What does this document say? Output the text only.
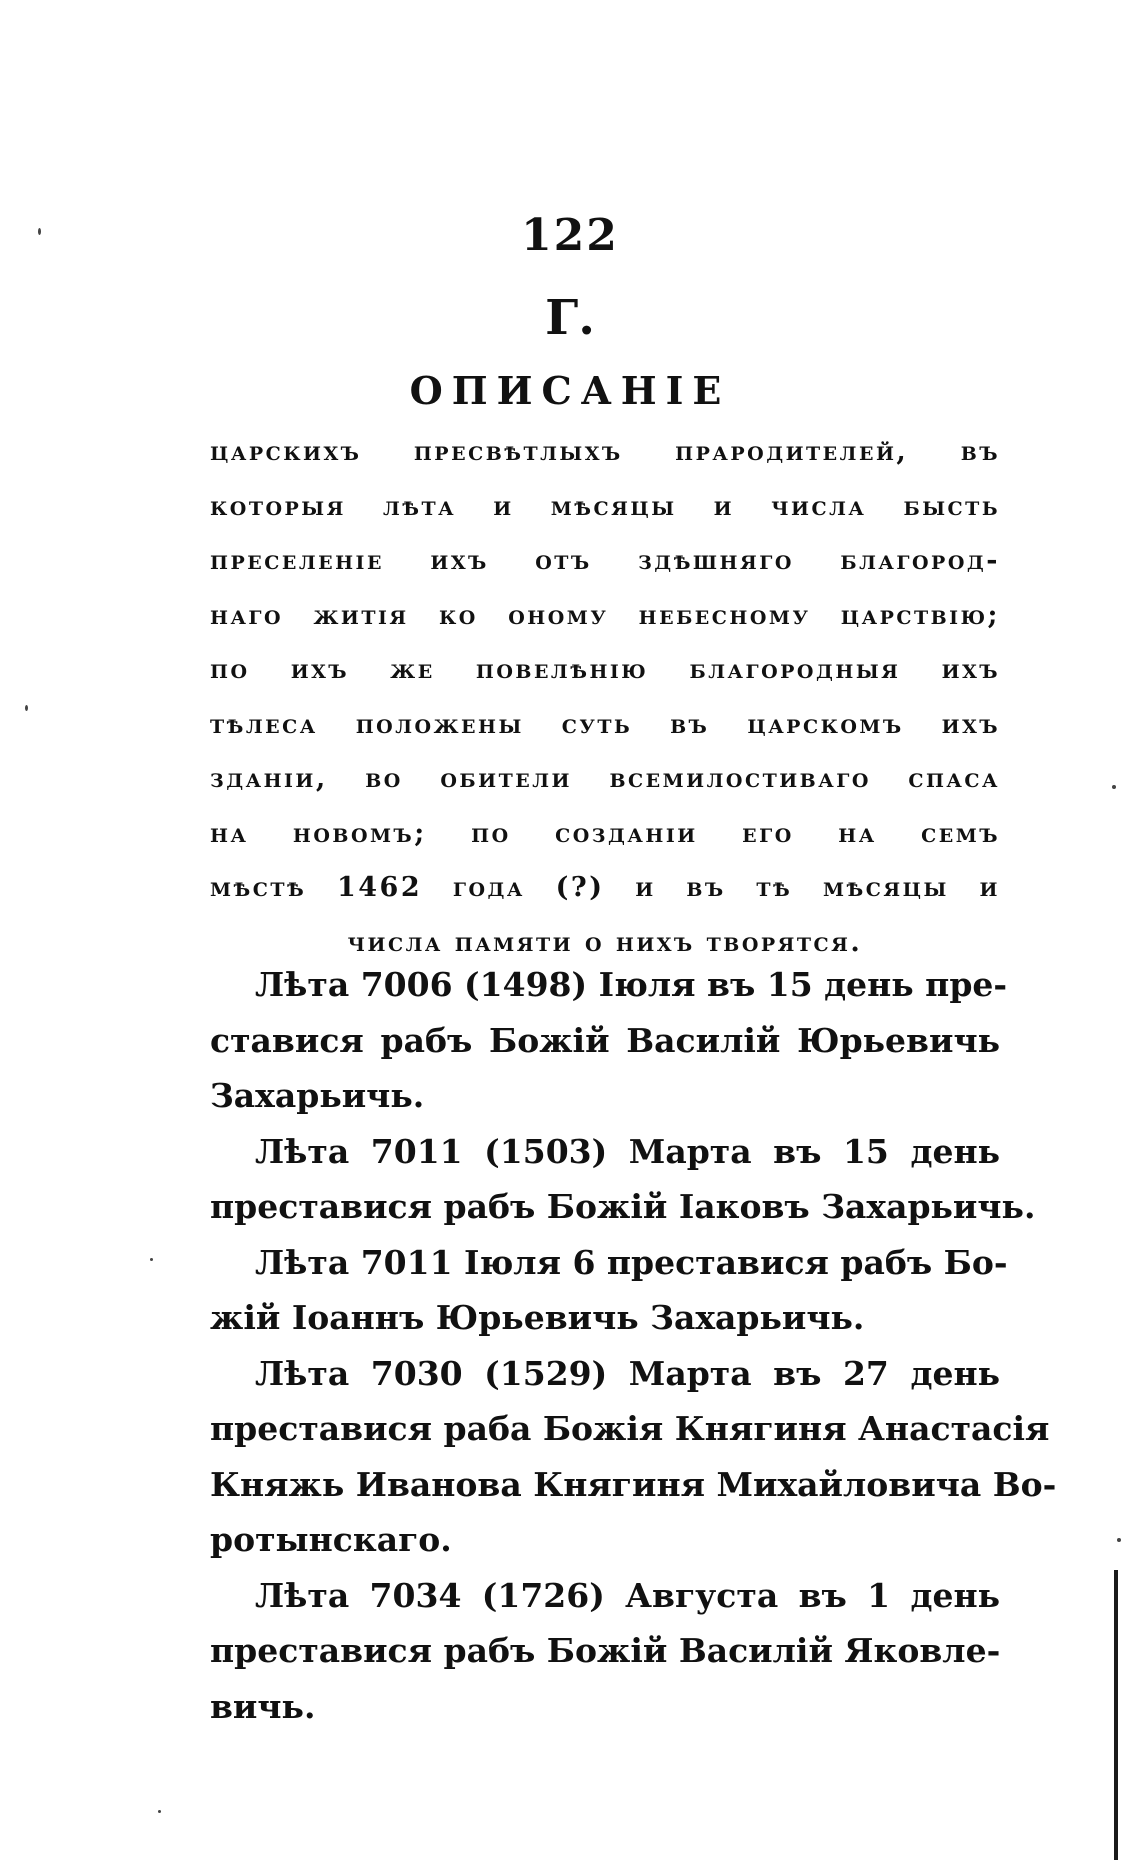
122
Г.
ОПИСАНІЕ
царскихъ пресвѣтлыхъ прародителей, въ
которыя лѣта и мѣсяцы и числа бысть
преселеніе ихъ отъ здѣшняго благород-
наго житія ко оному небесному царствію;
по ихъ же повелѣнію благородныя ихъ
тѣлеса положены суть въ царскомъ ихъ
зданіи, во обители всемилостиваго спаса
на новомъ; по созданіи его на семъ
мѣстѣ 1462 года (?) и въ тѣ мѣсяцы и
числа памяти о нихъ творятся.
Лѣта 7006 (1498) Іюля въ 15 день пре-
ставися рабъ Божій Василій Юрьевичь
Захарьичь.
Лѣта 7011 (1503) Марта въ 15 день
преставися рабъ Божій Іаковъ Захарьичь.
Лѣта 7011 Іюля 6 преставися рабъ Бо-
жій Іоаннъ Юрьевичь Захарьичь.
Лѣта 7030 (1529) Марта въ 27 день
преставися раба Божія Княгиня Анастасія
Княжь Иванова Княгиня Михайловича Во-
ротынскаго.
Лѣта 7034 (1726) Августа въ 1 день
преставися рабъ Божій Василій Яковле-
вичь.
